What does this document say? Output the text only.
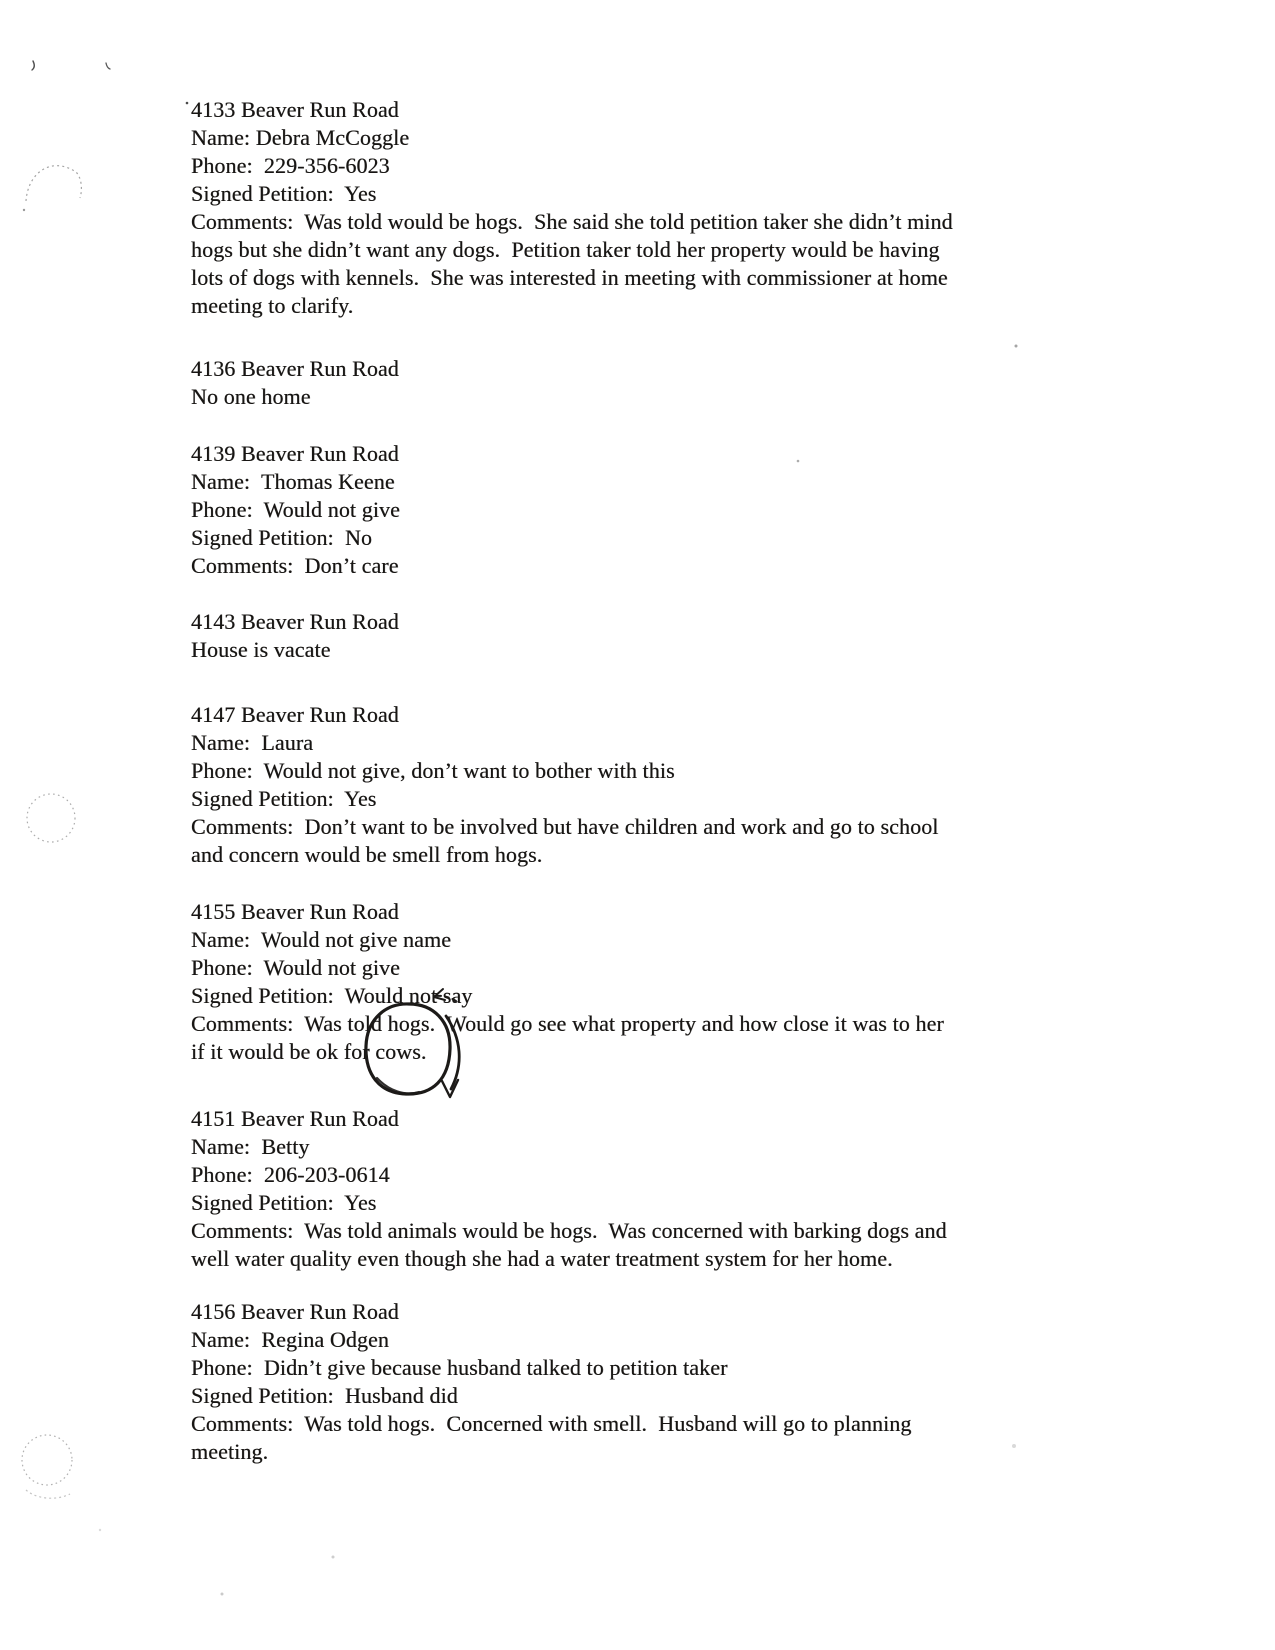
4133 Beaver Run Road
Name: Debra McCoggle
Phone:  229-356-6023
Signed Petition:  Yes
Comments:  Was told would be hogs.  She said she told petition taker she didn’t mind
hogs but she didn’t want any dogs.  Petition taker told her property would be having
lots of dogs with kennels.  She was interested in meeting with commissioner at home
meeting to clarify.
4136 Beaver Run Road
No one home
4139 Beaver Run Road
Name:  Thomas Keene
Phone:  Would not give
Signed Petition:  No
Comments:  Don’t care
4143 Beaver Run Road
House is vacate
4147 Beaver Run Road
Name:  Laura
Phone:  Would not give, don’t want to bother with this
Signed Petition:  Yes
Comments:  Don’t want to be involved but have children and work and go to school
and concern would be smell from hogs.
4155 Beaver Run Road
Name:  Would not give name
Phone:  Would not give
Signed Petition:  Would not say
Comments:  Was told hogs.  Would go see what property and how close it was to her
if it would be ok for cows.
4151 Beaver Run Road
Name:  Betty
Phone:  206-203-0614
Signed Petition:  Yes
Comments:  Was told animals would be hogs.  Was concerned with barking dogs and
well water quality even though she had a water treatment system for her home.
4156 Beaver Run Road
Name:  Regina Odgen
Phone:  Didn’t give because husband talked to petition taker
Signed Petition:  Husband did
Comments:  Was told hogs.  Concerned with smell.  Husband will go to planning
meeting.
